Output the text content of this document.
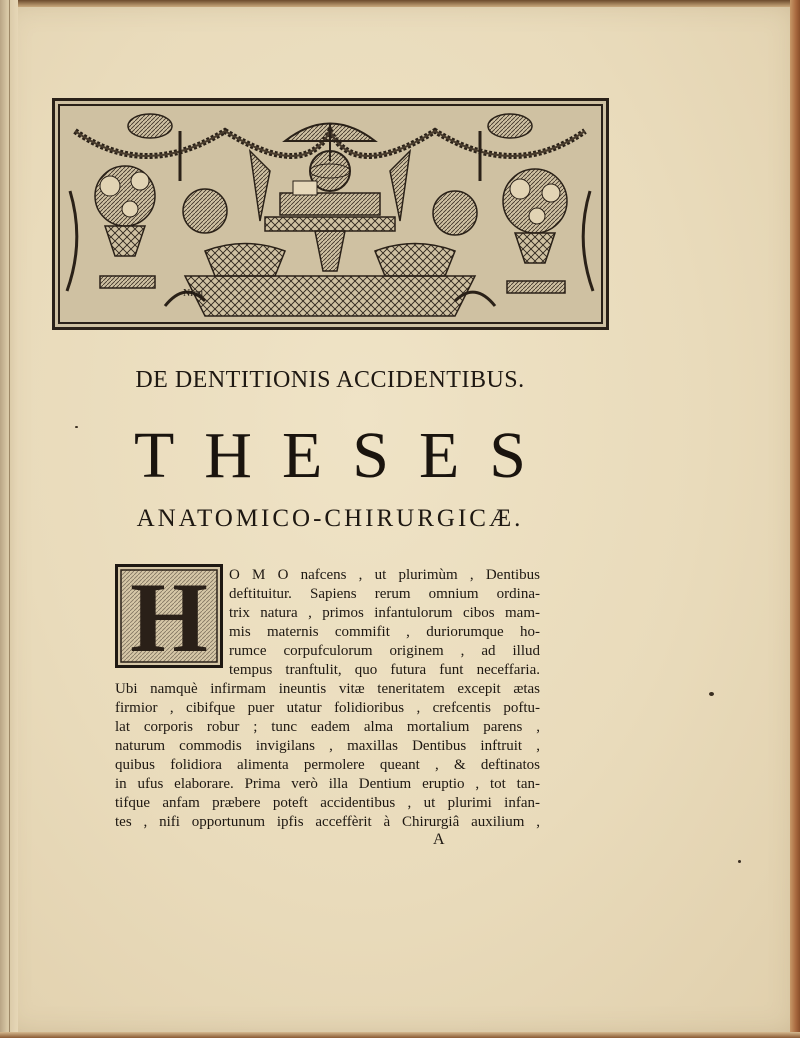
Niou
DE DENTITIONIS ACCIDENTIBUS.
THESES
ANATOMICO-CHIRURGICÆ.
H	O M O nafcens , ut plurimùm , Dentibus
deftituitur. Sapiens rerum omnium ordina-
trix natura , primos infantulorum cibos mam-
mis maternis commifit , duriorumque ho-
rumce corpufculorum originem , ad illud
tempus tranftulit, quo futura funt neceffaria.
Ubi namquè infirmam ineuntis vitæ teneritatem excepit ætas
firmior , cibifque puer utatur folidioribus , crefcentis poftu-
lat corporis robur ; tunc eadem alma mortalium parens ,
naturum commodis invigilans , maxillas Dentibus inftruit ,
quibus folidiora alimenta permolere queant , & deftinatos
in ufus elaborare. Prima verò illa Dentium eruptio , tot tan-
tifque anfam præbere poteft accidentibus , ut plurimi infan-
tes , nifi opportunum ipfis acceffèrit à Chirurgiâ auxilium ,
A
